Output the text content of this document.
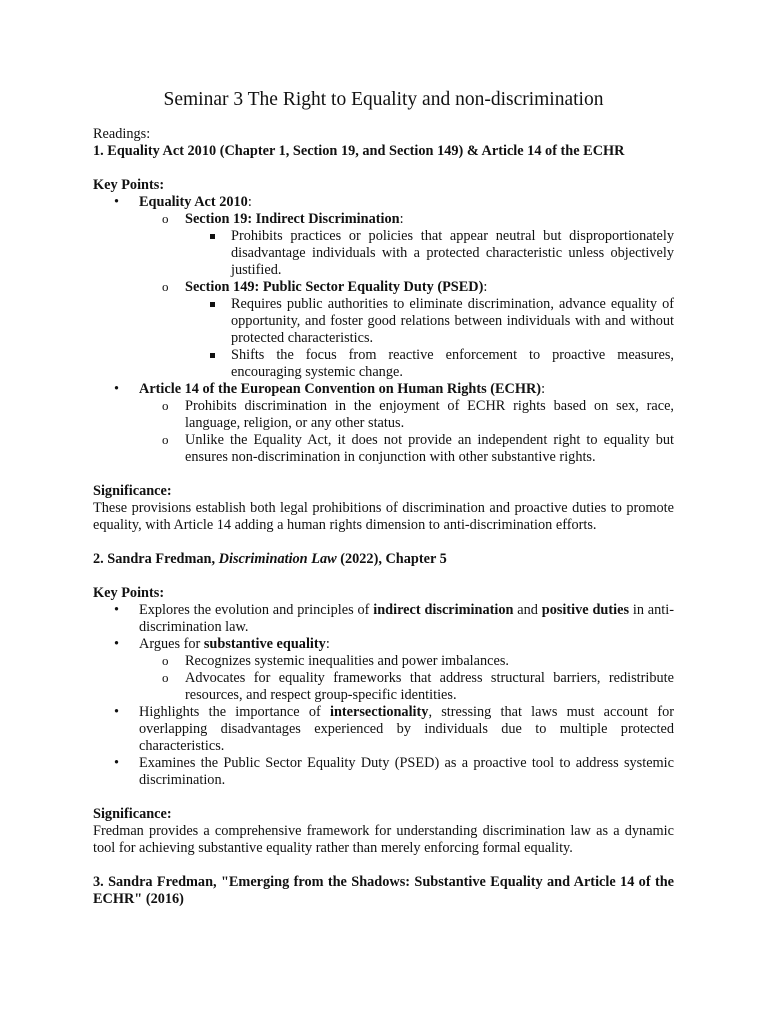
Seminar 3 The Right to Equality and non-discrimination

Readings:

1. Equality Act 2010 (Chapter 1, Section 19, and Section 149) & Article 14 of the ECHR

Key Points:

• Equality Act 2010:
o Section 19: Indirect Discrimination:
Prohibits practices or policies that appear neutral but disproportionately disadvantage individuals with a protected characteristic unless objectively justified.
o Section 149: Public Sector Equality Duty (PSED):
Requires public authorities to eliminate discrimination, advance equality of opportunity, and foster good relations between individuals with and without protected characteristics.
Shifts the focus from reactive enforcement to proactive measures, encouraging systemic change.
• Article 14 of the European Convention on Human Rights (ECHR):
o Prohibits discrimination in the enjoyment of ECHR rights based on sex, race, language, religion, or any other status.
o Unlike the Equality Act, it does not provide an independent right to equality but ensures non-discrimination in conjunction with other substantive rights.

Significance:

These provisions establish both legal prohibitions of discrimination and proactive duties to promote equality, with Article 14 adding a human rights dimension to anti-discrimination efforts.

2. Sandra Fredman, Discrimination Law (2022), Chapter 5

Key Points:

• Explores the evolution and principles of indirect discrimination and positive duties in anti-discrimination law.
• Argues for substantive equality:
o Recognizes systemic inequalities and power imbalances.
o Advocates for equality frameworks that address structural barriers, redistribute resources, and respect group-specific identities.
• Highlights the importance of intersectionality, stressing that laws must account for overlapping disadvantages experienced by individuals due to multiple protected characteristics.
• Examines the Public Sector Equality Duty (PSED) as a proactive tool to address systemic discrimination.

Significance:

Fredman provides a comprehensive framework for understanding discrimination law as a dynamic tool for achieving substantive equality rather than merely enforcing formal equality.

3. Sandra Fredman, "Emerging from the Shadows: Substantive Equality and Article 14 of the ECHR" (2016)
